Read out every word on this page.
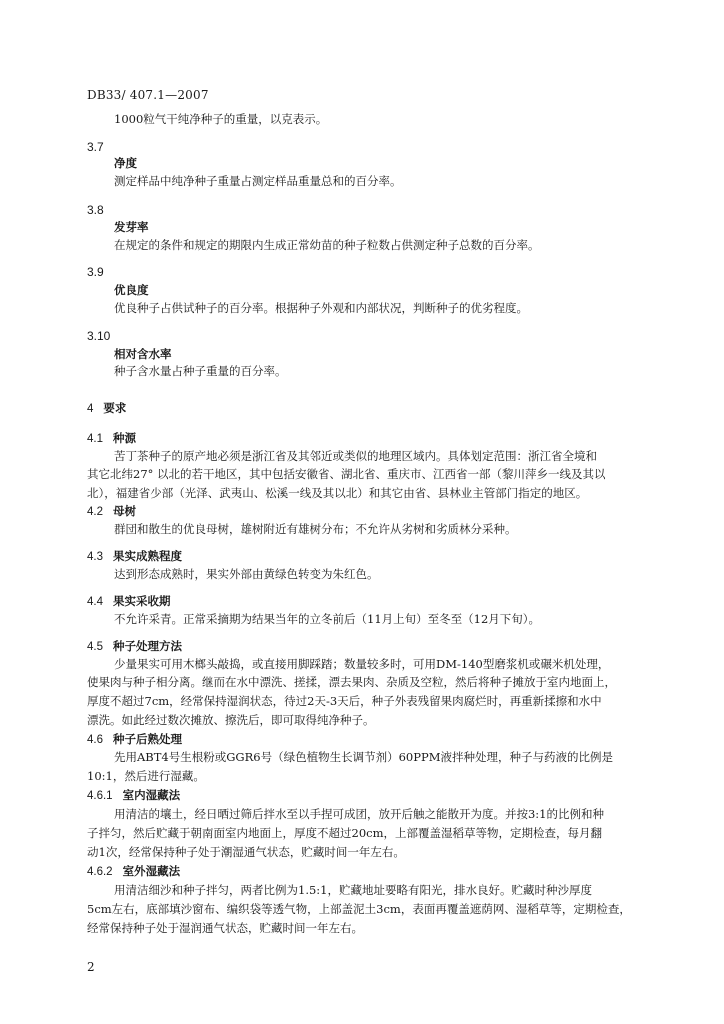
DB33/ 407.1—2007
1000粒气干纯净种子的重量，以克表示。
3.7
净度
测定样品中纯净种子重量占测定样品重量总和的百分率。
3.8
发芽率
在规定的条件和规定的期限内生成正常幼苗的种子粒数占供测定种子总数的百分率。
3.9
优良度
优良种子占供试种子的百分率。根据种子外观和内部状况，判断种子的优劣程度。
3.10
相对含水率
种子含水量占种子重量的百分率。
4 要求
4.1 种源
苦丁茶种子的原产地必须是浙江省及其邻近或类似的地理区域内。具体划定范围：浙江省全境和
其它北纬27° 以北的若干地区，其中包括安徽省、湖北省、重庆市、江西省一部（黎川萍乡一线及其以
北），福建省少部（光泽、武夷山、松溪一线及其以北）和其它由省、县林业主管部门指定的地区。
4.2 母树
群団和散生的优良母树，雄树附近有雄树分布；不允许从劣树和劣质林分采种。
4.3 果实成熟程度
达到形态成熟时，果实外部由黄绿色转变为朱红色。
4.4 果实采收期
不允许采青。正常采摘期为结果当年的立冬前后（11月上旬）至冬至（12月下旬）。
4.5 种子处理方法
少量果实可用木榔头敲捣，或直接用脚踩踏；数量较多时，可用DM-140型磨浆机或碾米机处理，
使果肉与种子相分离。继而在水中漂洗、搓揉，漂去果肉、杂质及空粒，然后将种子摊放于室内地面上，
厚度不超过7cm，经常保持湿润状态，待过2天-3天后，种子外表残留果肉腐烂时，再重新揉擦和水中
漂洗。如此经过数次摊放、擦洗后，即可取得纯净种子。
4.6 种子后熟处理
先用ABT4号生根粉或GGR6号（绿色植物生长调节剂）60PPM液拌种处理，种子与药液的比例是
10:1，然后进行湿藏。
4.6.1 室内湿藏法
用清洁的壤土，经日晒过筛后拌水至以手捏可成团，放开后触之能散开为度。并按3:1的比例和种
子拌匀，然后贮藏于朝南面室内地面上，厚度不超过20cm，上部覆盖湿稻草等物，定期检查，每月翻
动1次，经常保持种子处于潮湿通气状态，贮藏时间一年左右。
4.6.2 室外湿藏法
用清洁细沙和种子拌匀，两者比例为1.5:1，贮藏地址要略有阳光，排水良好。贮藏时种沙厚度
5cm左右，底部填沙窗布、编织袋等透气物，上部盖泥土3cm，表面再覆盖遮荫网、湿稻草等，定期检查，
经常保持种子处于湿润通气状态，贮藏时间一年左右。
2
